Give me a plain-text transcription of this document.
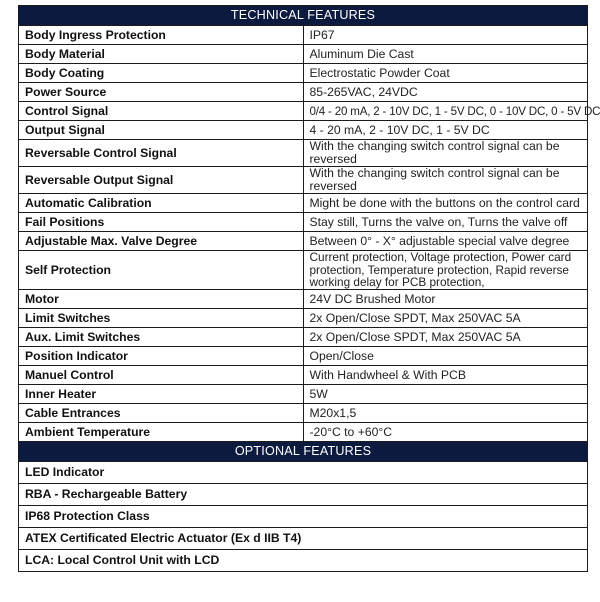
TECHNICAL FEATURES	
Body Ingress Protection	IP67
Body Material	Aluminum Die Cast
Body Coating	Electrostatic Powder Coat
Power Source	85-265VAC, 24VDC
Control Signal	0/4 - 20 mA, 2 - 10V DC, 1 - 5V DC, 0 - 10V DC, 0 - 5V DC
Output Signal	4 - 20 mA, 2 - 10V DC, 1 - 5V DC
Reversable Control Signal	With the changing switch control signal can be reversed
Reversable Output Signal	With the changing switch control signal can be reversed
Automatic Calibration	Might be done with the buttons on the control card
Fail Positions	Stay still, Turns the valve on, Turns the valve off
Adjustable Max. Valve Degree	Between 0° - X° adjustable special valve degree
Self Protection	Current protection, Voltage protection, Power card protection, Temperature protection, Rapid reverse working delay for PCB protection,
Motor	24V DC Brushed Motor
Limit Switches	2x Open/Close SPDT, Max 250VAC 5A
Aux. Limit Switches	2x Open/Close SPDT, Max 250VAC 5A
Position Indicator	Open/Close
Manuel Control	With Handwheel & With PCB
Inner Heater	5W
Cable Entrances	M20x1,5
Ambient Temperature	-20°C to +60°C
OPTIONAL FEATURES	
LED Indicator	
RBA - Rechargeable Battery	
IP68 Protection Class	
ATEX Certificated Electric Actuator (Ex d IIB T4)	
LCA: Local Control Unit with LCD	
